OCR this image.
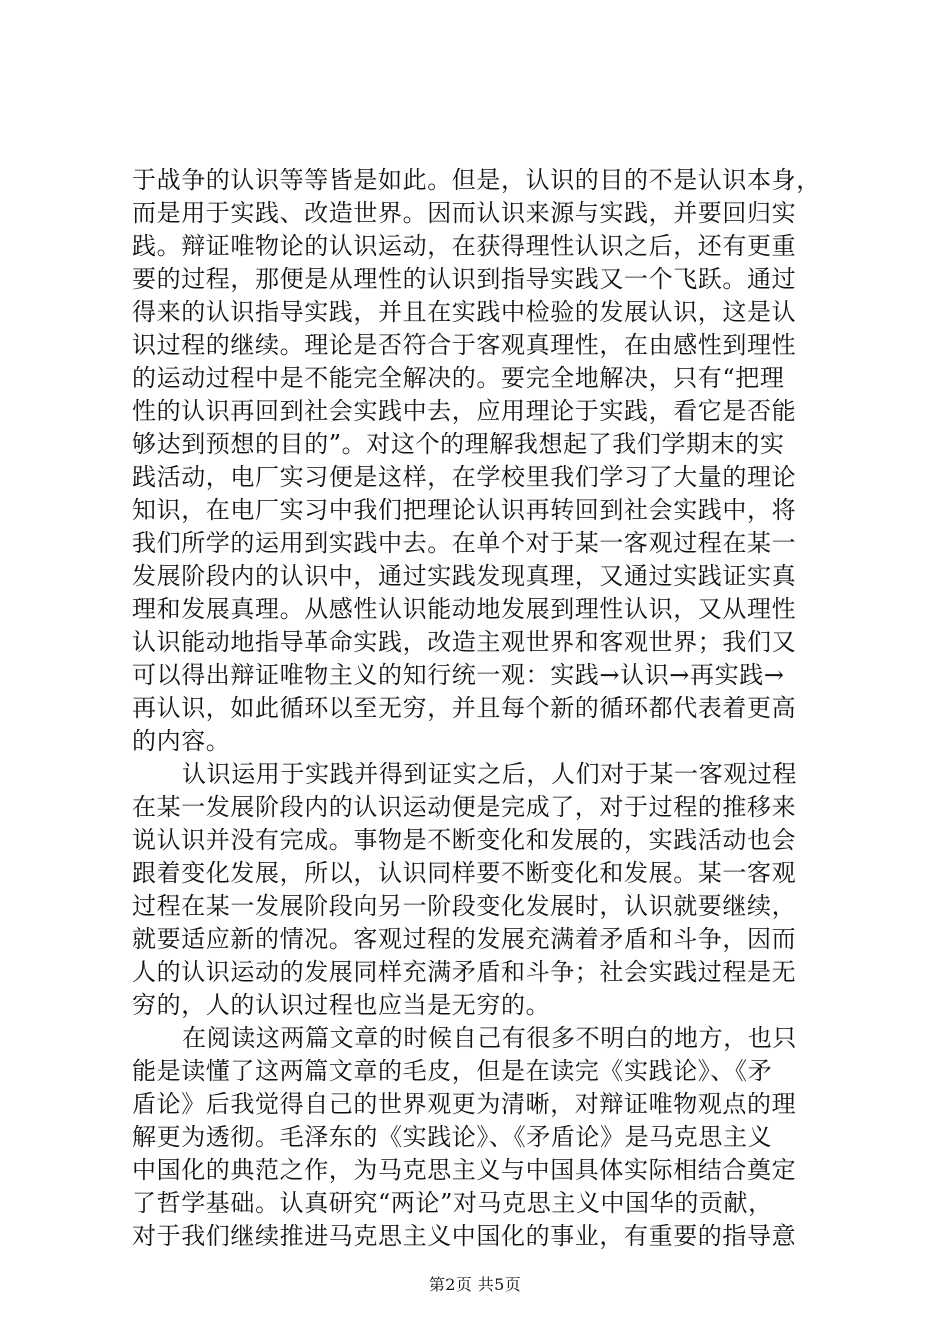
于战争的认识等等皆是如此。但是，认识的目的不是认识本身，
而是用于实践、改造世界。因而认识来源与实践，并要回归实
践。辩证唯物论的认识运动，在获得理性认识之后，还有更重
要的过程，那便是从理性的认识到指导实践又一个飞跃。通过
得来的认识指导实践，并且在实践中检验的发展认识，这是认
识过程的继续。理论是否符合于客观真理性，在由感性到理性
的运动过程中是不能完全解决的。要完全地解决，只有“把理
性的认识再回到社会实践中去，应用理论于实践，看它是否能
够达到预想的目的”。对这个的理解我想起了我们学期末的实
践活动，电厂实习便是这样，在学校里我们学习了大量的理论
知识，在电厂实习中我们把理论认识再转回到社会实践中，将
我们所学的运用到实践中去。在单个对于某一客观过程在某一
发展阶段内的认识中，通过实践发现真理，又通过实践证实真
理和发展真理。从感性认识能动地发展到理性认识，又从理性
认识能动地指导革命实践，改造主观世界和客观世界；我们又
可以得出辩证唯物主义的知行统一观：实践→认识→再实践→
再认识，如此循环以至无穷，并且每个新的循环都代表着更高
的内容。
认识运用于实践并得到证实之后，人们对于某一客观过程
在某一发展阶段内的认识运动便是完成了，对于过程的推移来
说认识并没有完成。事物是不断变化和发展的，实践活动也会
跟着变化发展，所以，认识同样要不断变化和发展。某一客观
过程在某一发展阶段向另一阶段变化发展时，认识就要继续，
就要适应新的情况。客观过程的发展充满着矛盾和斗争，因而
人的认识运动的发展同样充满矛盾和斗争；社会实践过程是无
穷的，人的认识过程也应当是无穷的。
在阅读这两篇文章的时候自己有很多不明白的地方，也只
能是读懂了这两篇文章的毛皮，但是在读完《实践论》、《矛
盾论》后我觉得自己的世界观更为清晰，对辩证唯物观点的理
解更为透彻。毛泽东的《实践论》、《矛盾论》是马克思主义
中国化的典范之作，为马克思主义与中国具体实际相结合奠定
了哲学基础。认真研究“两论”对马克思主义中国华的贡献，
对于我们继续推进马克思主义中国化的事业，有重要的指导意
第2页 共5页
